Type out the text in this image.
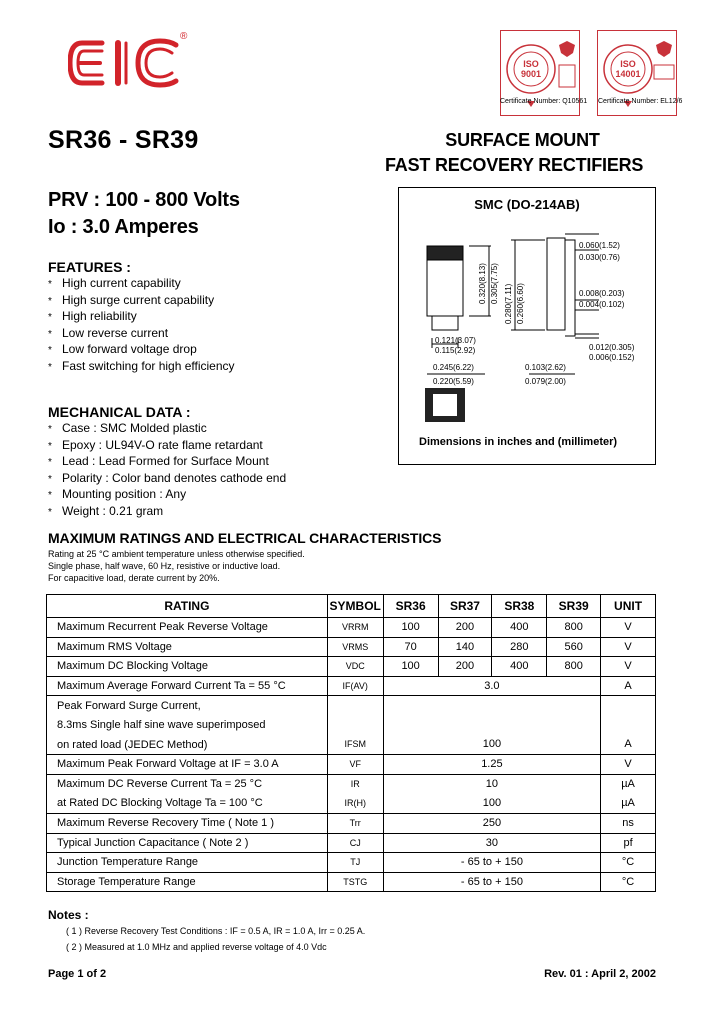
®
ISO
9001
Certificate Number: Q10561
ISO
14001
Certificate Number: EL12/6
SR36 - SR39	SURFACE MOUNT
FAST RECOVERY RECTIFIERS
PRV : 100 - 800 Volts
Io : 3.0 Amperes
FEATURES :
* High current capability
* High surge current capability
* High reliability
* Low reverse current
* Low forward voltage drop
* Fast switching for high efficiency
MECHANICAL DATA :
* Case : SMC Molded plastic
* Epoxy : UL94V-O rate flame retardant
* Lead : Lead Formed for Surface Mount
* Polarity : Color band denotes cathode end
* Mounting position : Any
* Weight : 0.21 gram
SMC (DO-214AB)
0.320(8.13) 0.305(7.75) 0.280(7.11) 0.260(6.60)
0.060(1.52)
0.030(0.76)
0.008(0.203)
0.004(0.102)
0.121(3.07)
0.115(2.92)	0.012(0.305)
0.006(0.152)
0.245(6.22)
0.220(5.59)
0.103(2.62)
0.079(2.00)
Dimensions in inches and (millimeter)
MAXIMUM RATINGS AND ELECTRICAL CHARACTERISTICS
Rating at 25 °C ambient temperature unless otherwise specified.
Single phase, half wave, 60 Hz, resistive or inductive load.
For capacitive load, derate current by 20%.
RATING	SYMBOL	SR36	SR37	SR38	SR39	UNIT
Maximum Recurrent Peak Reverse Voltage	VRRM	100	200	400	800	V
Maximum RMS Voltage	VRMS	70	140	280	560	V
Maximum DC Blocking Voltage	VDC	100	200	400	800	V
Maximum Average Forward Current Ta = 55 °C	IF(AV)	3.0				A
Peak Forward Surge Current,	IFSM	100				A
8.3ms Single half sine wave superimposed						
on rated load (JEDEC Method)						
Maximum Peak Forward Voltage at IF = 3.0 A	VF	1.25				V
Maximum DC Reverse Current Ta = 25 °C	IR	10				µA
at Rated DC Blocking Voltage Ta = 100 °C	IR(H)	100				µA
Maximum Reverse Recovery Time ( Note 1 )	Trr	250				ns
Typical Junction Capacitance ( Note 2 )	CJ	30				pf
Junction Temperature Range	TJ	- 65 to + 150				°C
Storage Temperature Range	TSTG	- 65 to + 150				°C
Notes :
( 1 ) Reverse Recovery Test Conditions : IF = 0.5 A, IR = 1.0 A, Irr = 0.25 A.
( 2 ) Measured at 1.0 MHz and applied reverse voltage of 4.0 Vdc
Page 1 of 2	Rev. 01 : April 2, 2002
